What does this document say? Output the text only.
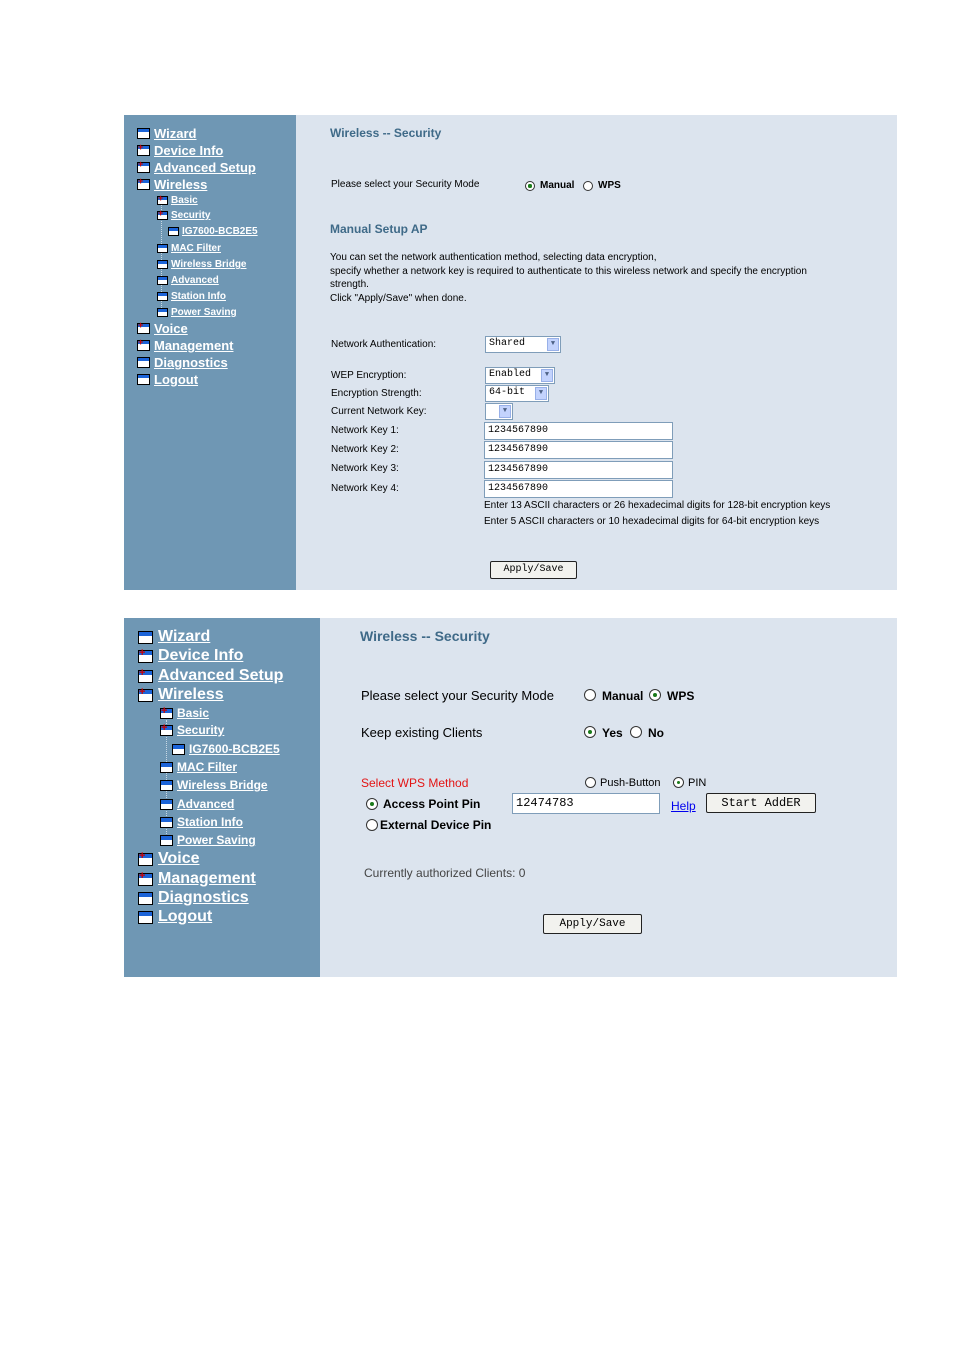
Wizard
+
Device Info
+
Advanced Setup
+
Wireless
+
Basic
+
Security
IG7600-BCB2E5
MAC Filter
Wireless Bridge
Advanced
Station Info
Power Saving
+
Voice
+
Management
Diagnostics
Logout
Wireless -- Security
Please select your Security Mode	Manual WPS
Manual Setup AP
You can set the network authentication method, selecting data encryption,
specify whether a network key is required to authenticate to this wireless network and specify the encryption
strength.
Click "Apply/Save" when done.
Network Authentication:	Shared	▼
WEP Encryption:	Enabled	▼
Encryption Strength:	64-bit	▼
Current Network Key:	▼
Network Key 1:	1234567890
Network Key 2:	1234567890
Network Key 3:	1234567890
Network Key 4:	1234567890
Enter 13 ASCII characters or 26 hexadecimal digits for 128-bit encryption keys
Enter 5 ASCII characters or 10 hexadecimal digits for 64-bit encryption keys
Apply/Save
Wizard
+
Device Info
+
Advanced Setup
+
Wireless
+
Basic
+
Security
IG7600-BCB2E5
MAC Filter
Wireless Bridge
Advanced
Station Info
Power Saving
+
Voice
+
Management
Diagnostics
Logout
Wireless -- Security
Please select your Security Mode	Manual WPS
Keep existing Clients	Yes No
Select WPS Method	Push-Button PIN
Access Point Pin	12474783	Help	Start AddER
External Device Pin
Currently authorized Clients: 0
Apply/Save
